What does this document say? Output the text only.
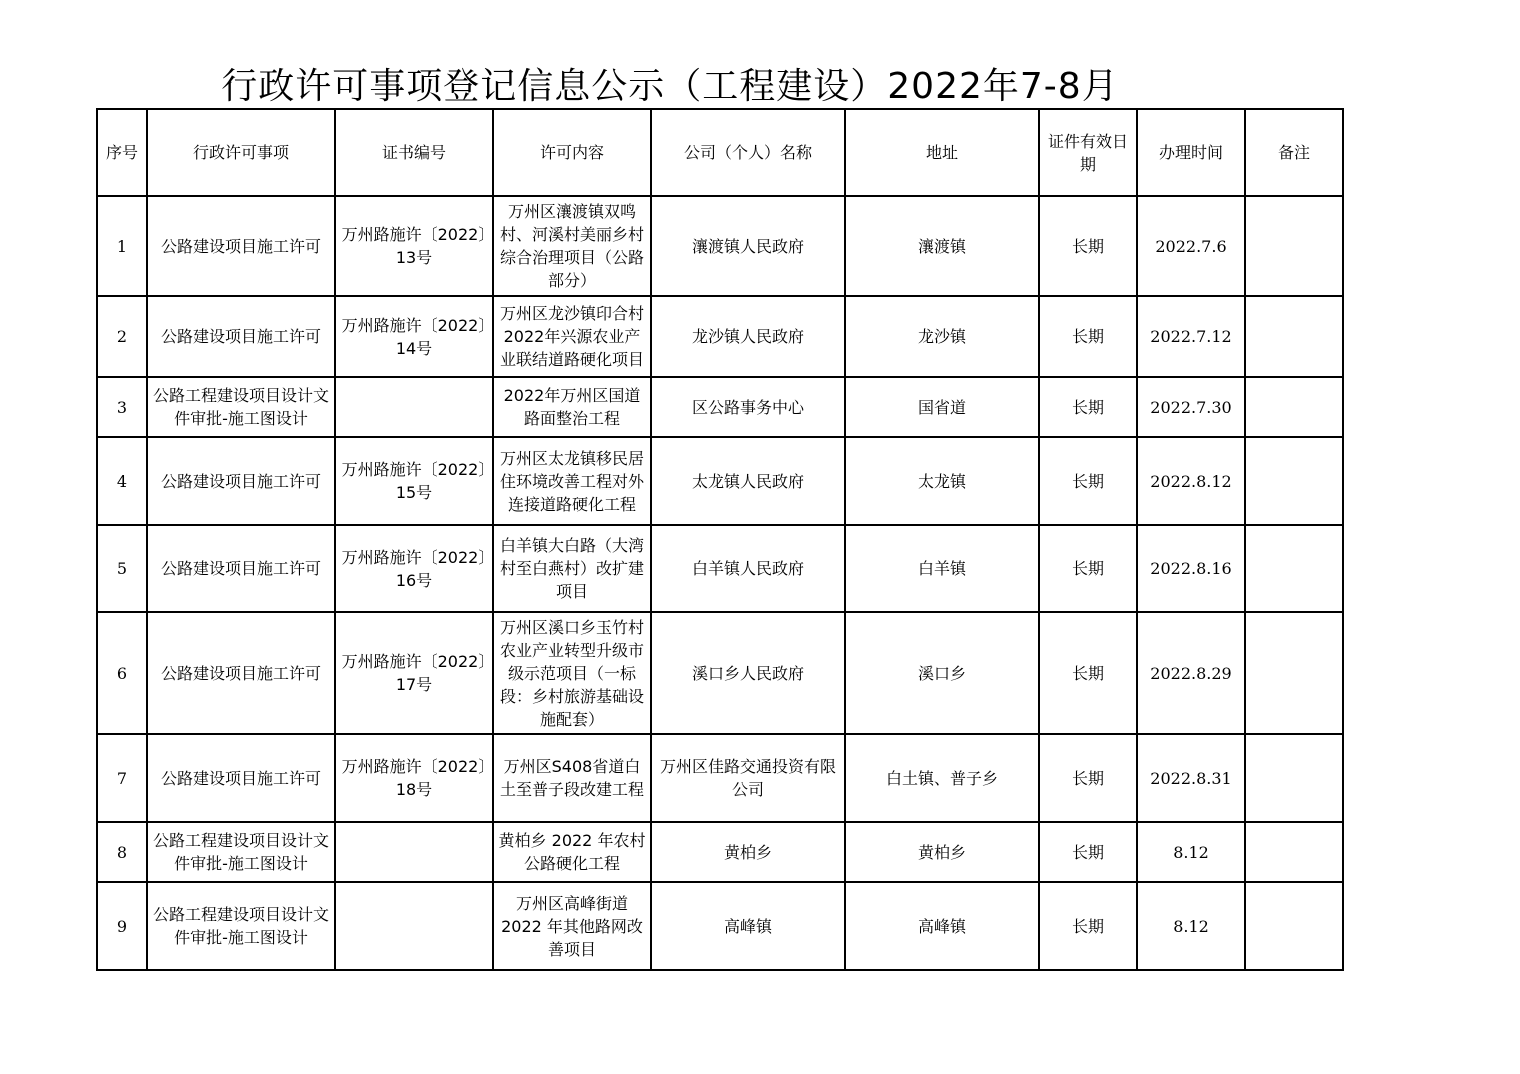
行政许可事项登记信息公示（工程建设）2022年7-8月
序号	行政许可事项	证书编号	许可内容	公司（个人）名称	地址	证件有效日期	办理时间	备注

1	公路建设项目施工许可	万州路施许〔2022〕13号	万州区瀼渡镇双鸣村、河溪村美丽乡村综合治理项目（公路部分）	瀼渡镇人民政府	瀼渡镇	长期	2022.7.6	

2	公路建设项目施工许可	万州路施许〔2022〕14号	万州区龙沙镇印合村2022年兴源农业产业联结道路硬化项目	龙沙镇人民政府	龙沙镇	长期	2022.7.12	

3	公路工程建设项目设计文件审批-施工图设计		2022年万州区国道路面整治工程	区公路事务中心	国省道	长期	2022.7.30	

4	公路建设项目施工许可	万州路施许〔2022〕15号	万州区太龙镇移民居住环境改善工程对外连接道路硬化工程	太龙镇人民政府	太龙镇	长期	2022.8.12	

5	公路建设项目施工许可	万州路施许〔2022〕16号	白羊镇大白路（大湾村至白燕村）改扩建项目	白羊镇人民政府	白羊镇	长期	2022.8.16	

6	公路建设项目施工许可	万州路施许〔2022〕17号	万州区溪口乡玉竹村农业产业转型升级市级示范项目（一标段：乡村旅游基础设施配套）	溪口乡人民政府	溪口乡	长期	2022.8.29	

7	公路建设项目施工许可	万州路施许〔2022〕18号	万州区S408省道白土至普子段改建工程	万州区佳路交通投资有限公司	白土镇、普子乡	长期	2022.8.31	

8	公路工程建设项目设计文件审批-施工图设计		黄柏乡 2022 年农村公路硬化工程	黄柏乡	黄柏乡	长期	8.12	

9	公路工程建设项目设计文件审批-施工图设计		万州区高峰街道 2022 年其他路网改善项目	高峰镇	高峰镇	长期	8.12	
